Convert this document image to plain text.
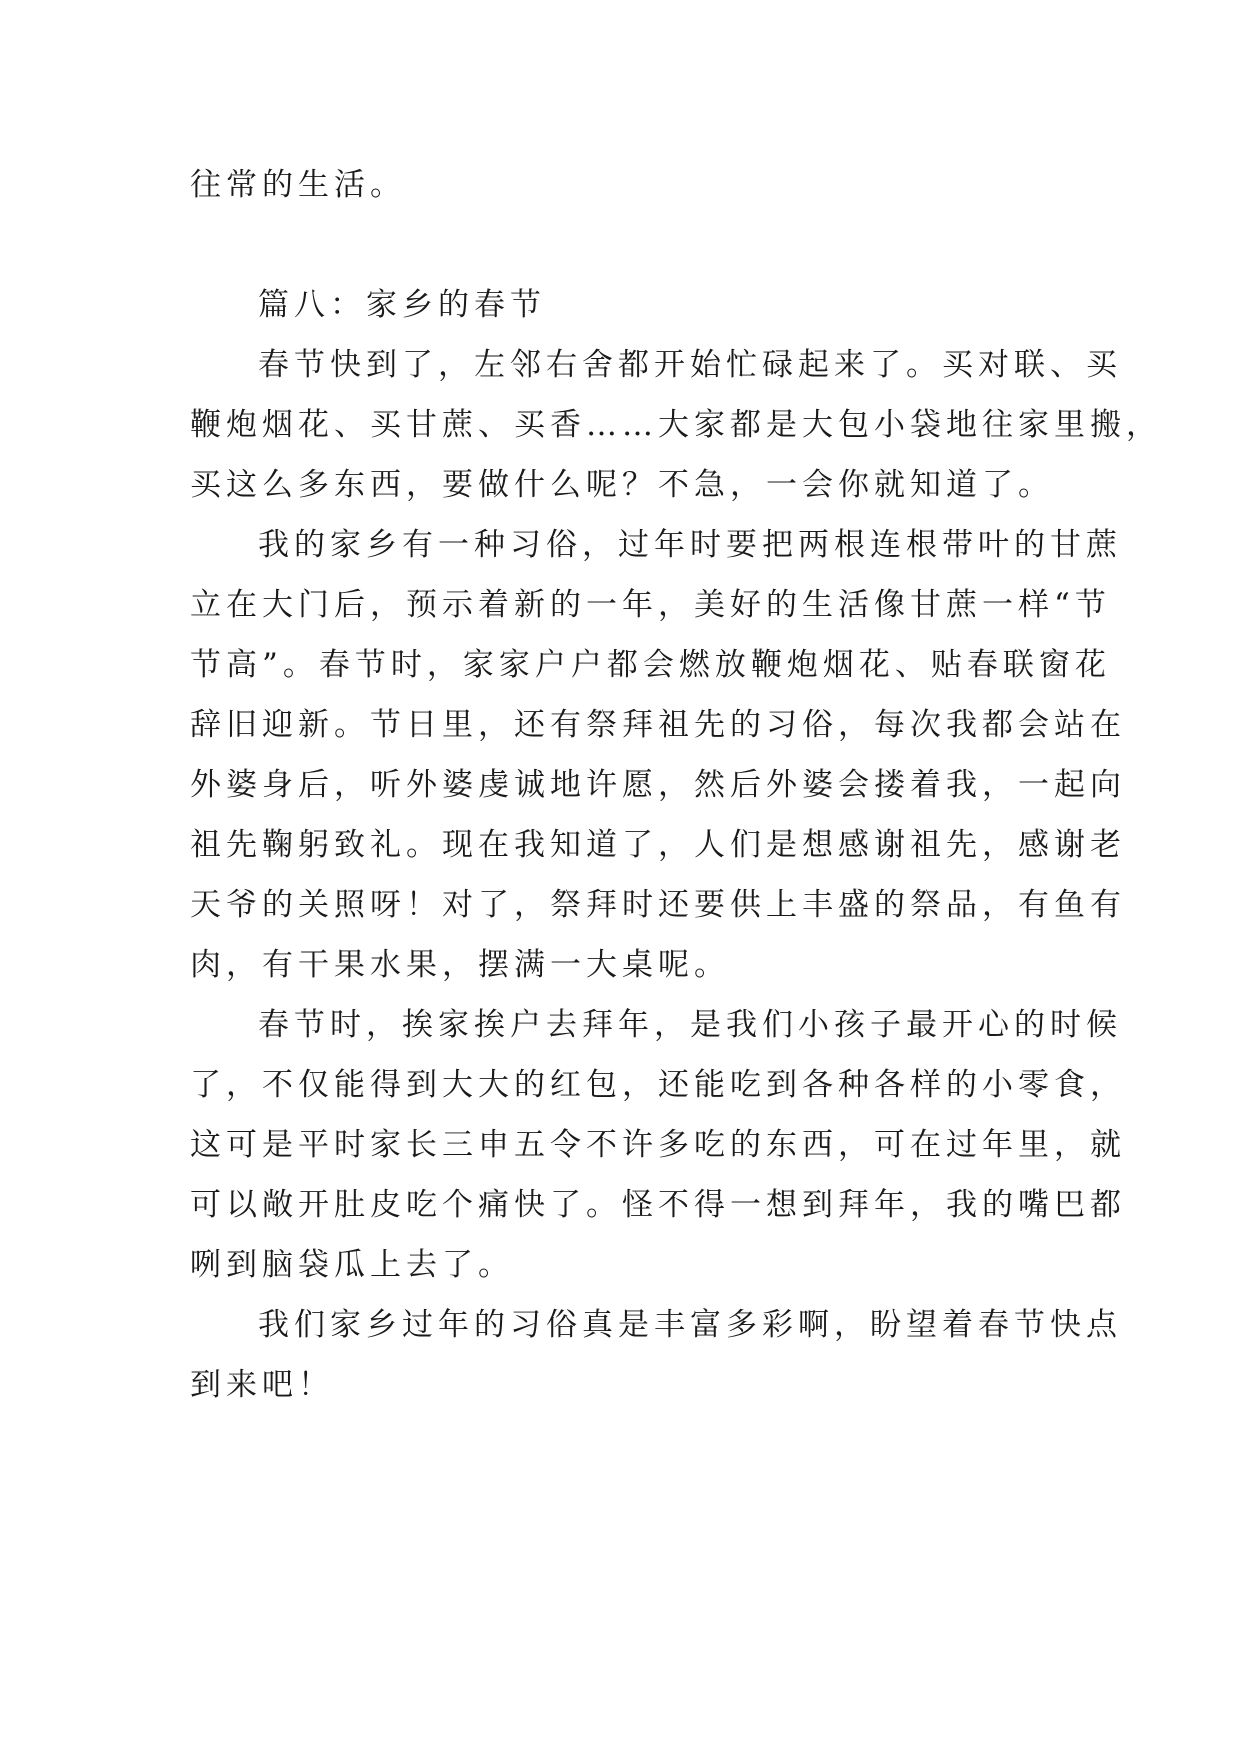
往常的生活。
篇八：家乡的春节
春节快到了，左邻右舍都开始忙碌起来了。买对联、买
鞭炮烟花、买甘蔗、买香……大家都是大包小袋地往家里搬，
买这么多东西，要做什么呢？不急，一会你就知道了。
我的家乡有一种习俗，过年时要把两根连根带叶的甘蔗
立在大门后，预示着新的一年，美好的生活像甘蔗一样“节
节高”。春节时，家家户户都会燃放鞭炮烟花、贴春联窗花
辞旧迎新。节日里，还有祭拜祖先的习俗，每次我都会站在
外婆身后，听外婆虔诚地许愿，然后外婆会搂着我，一起向
祖先鞠躬致礼。现在我知道了，人们是想感谢祖先，感谢老
天爷的关照呀！对了，祭拜时还要供上丰盛的祭品，有鱼有
肉，有干果水果，摆满一大桌呢。
春节时，挨家挨户去拜年，是我们小孩子最开心的时候
了，不仅能得到大大的红包，还能吃到各种各样的小零食，
这可是平时家长三申五令不许多吃的东西，可在过年里，就
可以敞开肚皮吃个痛快了。怪不得一想到拜年，我的嘴巴都
咧到脑袋瓜上去了。
我们家乡过年的习俗真是丰富多彩啊，盼望着春节快点
到来吧！
